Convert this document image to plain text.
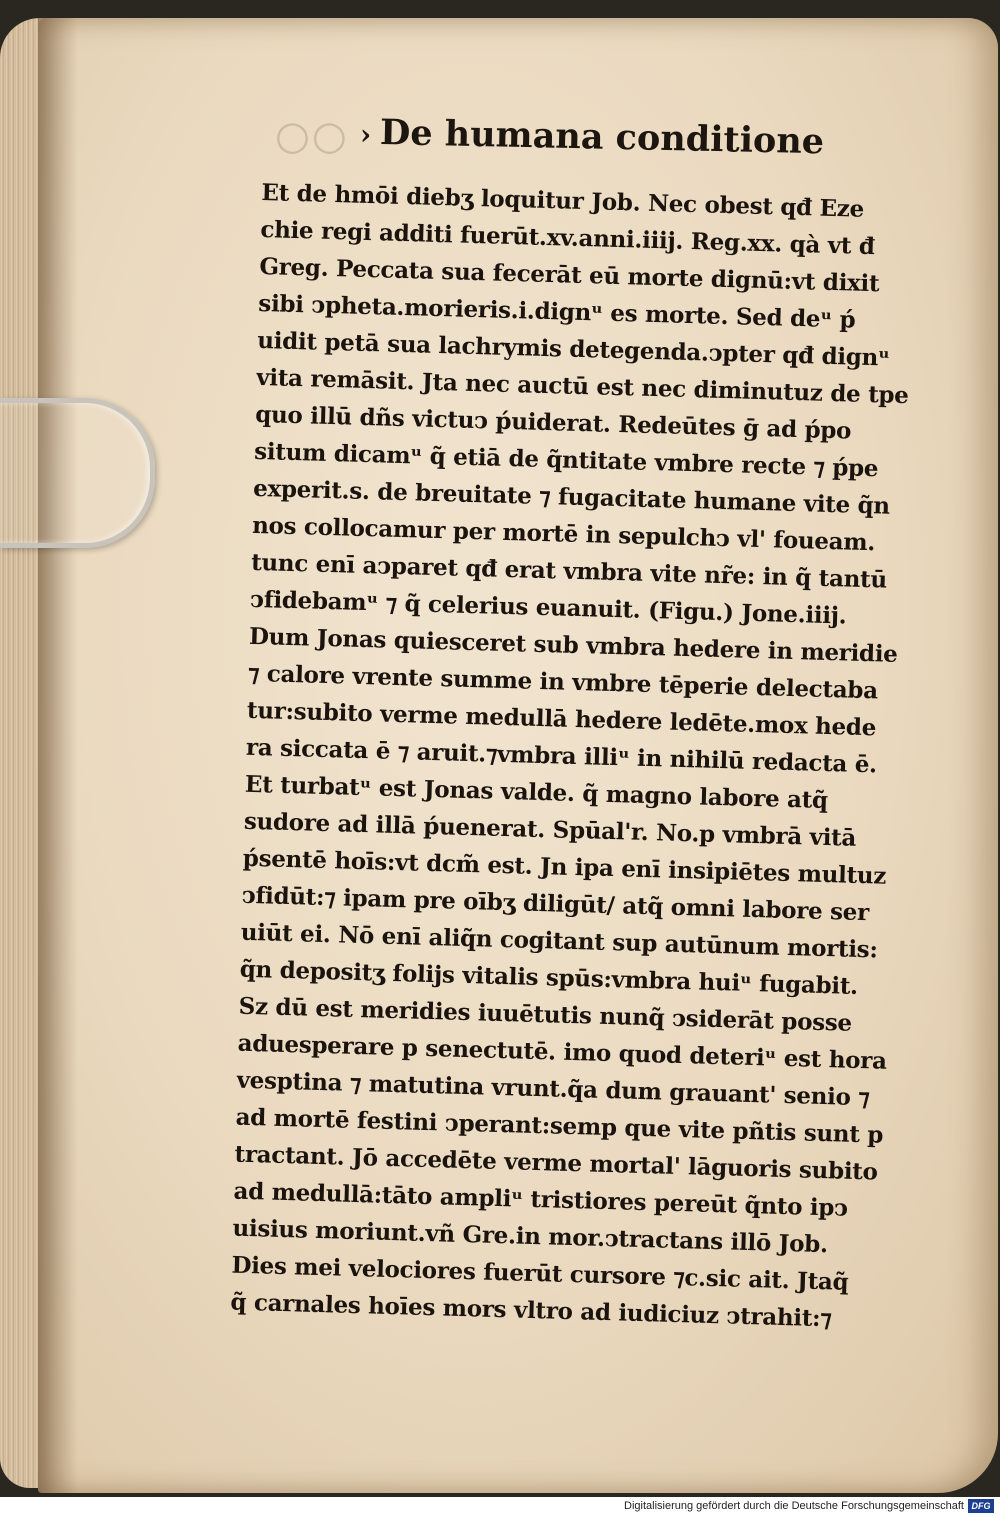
○○ › De humana conditione
Et de hmōi diebʒ loquitur Job. Nec obest qđ Eze
chie regi additi fuerūt.xv.anni.iiij. Reg.xx. qà vt đ
Greg. Peccata sua fecerāt eū morte dignū:vt dixit
sibi ↄpheta.morieris.i.dignᵘ es morte. Sed deᵘ ṕ
uidit petā sua lachrymis detegenda.ↄpter qđ dignᵘ
vita remāsit. Jta nec auctū est nec diminutuz de tpe
quo illū dñs victuↄ ṕuiderat. Redeūtes ḡ ad ṕpo
situm dicamᵘ q̃ etiā de q̃ntitate vmbre recte ⁊ ṕpe
experit.s. de breuitate ⁊ fugacitate humane vite q̃n
nos collocamur per mortē in sepulchↄ vl' foueam.
tunc enī aↄparet qđ erat vmbra vite nr̃e: in q̃ tantū
ↄfidebamᵘ ⁊ q̃ celerius euanuit. (Figu.) Jone.iiij.
Dum Jonas quiesceret sub vmbra hedere in meridie
⁊ calore vrente summe in vmbre tēperie delectaba
tur:subito verme medullā hedere ledēte.mox hede
ra siccata ē ⁊ aruit.⁊vmbra illiᵘ in nihilū redacta ē.
Et turbatᵘ est Jonas valde. q̃ magno labore atq̃
sudore ad illā ṕuenerat. Spūal'r. No.p vmbrā vitā
ṕsentē hoīs:vt dcm̃ est. Jn ipa enī insipiētes multuz
ↄfidūt:⁊ ipam pre oībʒ diligūt/ atq̃ omni labore ser
uiūt ei. Nō enī aliq̃n cogitant sup autūnum mortis:
q̃n depositʒ folijs vitalis spūs:vmbra huiᵘ fugabit.
Sz dū est meridies iuuētutis nunq̃ ↄsiderāt posse
aduesperare p senectutē. imo quod deteriᵘ est hora
vesptina ⁊ matutina vrunt.q̃a dum grauant' senio ⁊
ad mortē festini ↄperant:semp que vite pñtis sunt p
tractant. Jō accedēte verme mortal' lāguoris subito
ad medullā:tāto ampliᵘ tristiores pereūt q̃nto ipↄ
uisius moriunt.vñ Gre.in mor.ↄtractans illō Job.
Dies mei velociores fuerūt cursore ⁊c.sic ait. Jtaq̃
q̃ carnales hoīes mors vltro ad iudiciuz ↄtrahit:⁊
Digitalisierung gefördert durch die Deutsche Forschungsgemeinschaft DFG
